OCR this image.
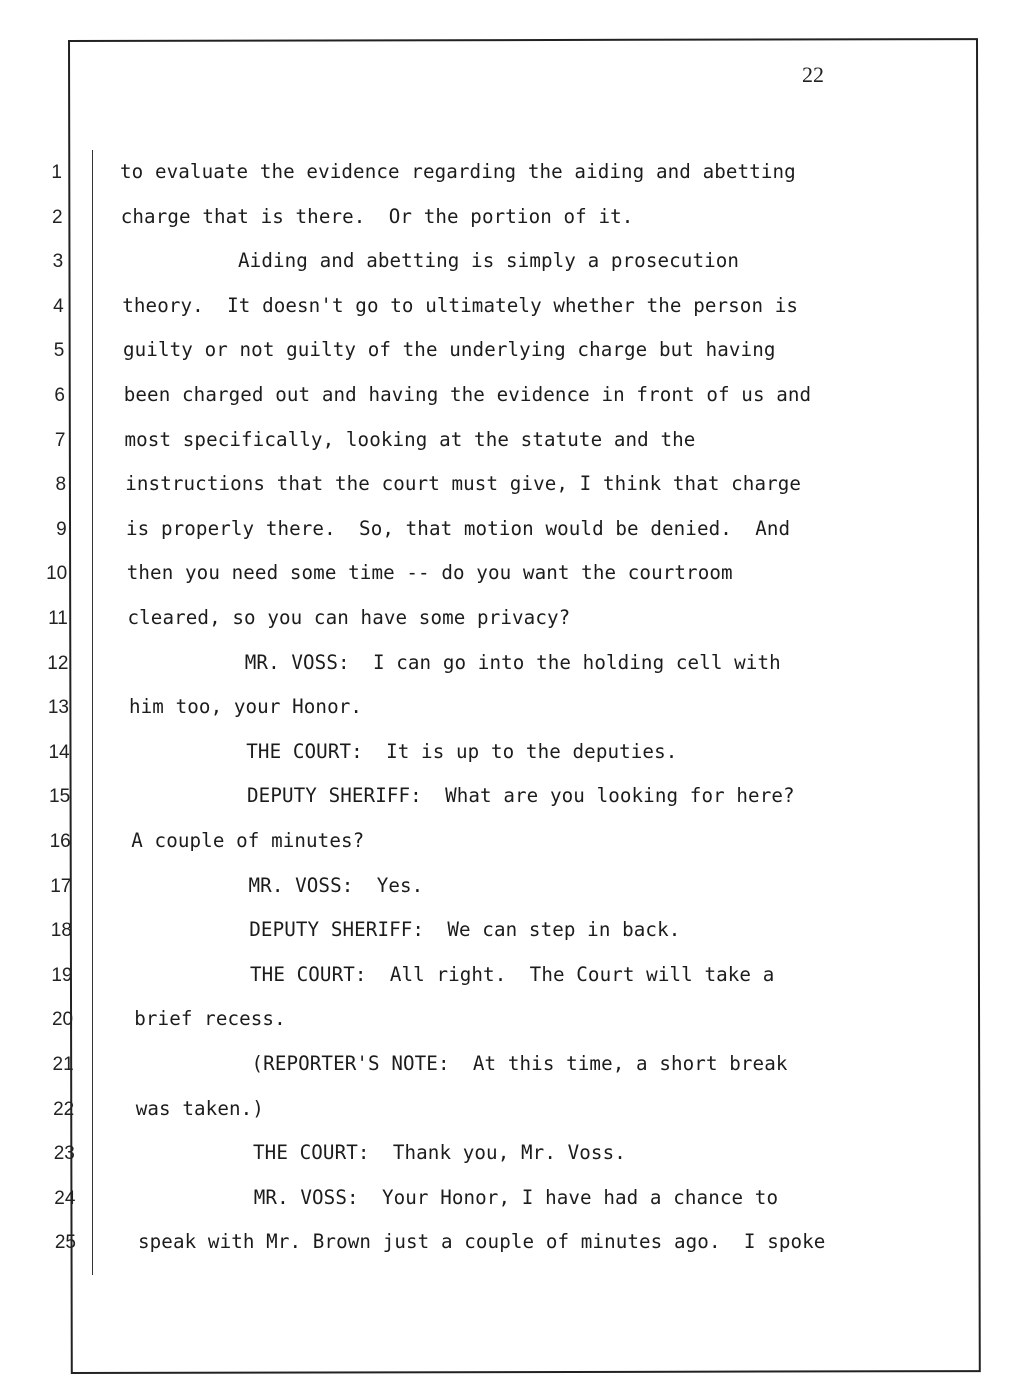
22
1	to evaluate the evidence regarding the aiding and abetting
2	charge that is there.  Or the portion of it.
3	Aiding and abetting is simply a prosecution
4	theory.  It doesn't go to ultimately whether the person is
5	guilty or not guilty of the underlying charge but having
6	been charged out and having the evidence in front of us and
7	most specifically, looking at the statute and the
8	instructions that the court must give, I think that charge
9	is properly there.  So, that motion would be denied.  And
10	then you need some time -- do you want the courtroom
11	cleared, so you can have some privacy?
12	MR. VOSS:  I can go into the holding cell with
13	him too, your Honor.
14	THE COURT:  It is up to the deputies.
15	DEPUTY SHERIFF:  What are you looking for here?
16	A couple of minutes?
17	MR. VOSS:  Yes.
18	DEPUTY SHERIFF:  We can step in back.
19	THE COURT:  All right.  The Court will take a
20	brief recess.
21	(REPORTER'S NOTE:  At this time, a short break
22	was taken.)
23	THE COURT:  Thank you, Mr. Voss.
24	MR. VOSS:  Your Honor, I have had a chance to
25	speak with Mr. Brown just a couple of minutes ago.  I spoke
